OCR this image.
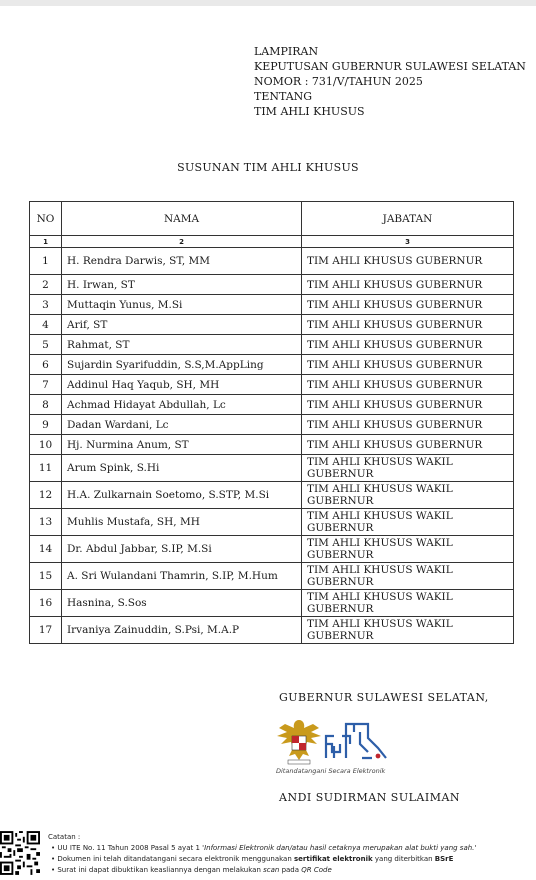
LAMPIRAN
KEPUTUSAN GUBERNUR SULAWESI SELATAN
NOMOR : 731/V/TAHUN 2025
TENTANG
TIM AHLI KHUSUS
SUSUNAN TIM AHLI KHUSUS
NO	NAMA	JABATAN
1	2	3
1	H. Rendra Darwis, ST, MM	TIM AHLI KHUSUS GUBERNUR
2	H. Irwan, ST	TIM AHLI KHUSUS GUBERNUR
3	Muttaqin Yunus, M.Si	TIM AHLI KHUSUS GUBERNUR
4	Arif, ST	TIM AHLI KHUSUS GUBERNUR
5	Rahmat, ST	TIM AHLI KHUSUS GUBERNUR
6	Sujardin Syarifuddin, S.S,M.AppLing	TIM AHLI KHUSUS GUBERNUR
7	Addinul Haq Yaqub, SH, MH	TIM AHLI KHUSUS GUBERNUR
8	Achmad Hidayat Abdullah, Lc	TIM AHLI KHUSUS GUBERNUR
9	Dadan Wardani, Lc	TIM AHLI KHUSUS GUBERNUR
10	Hj. Nurmina Anum, ST	TIM AHLI KHUSUS GUBERNUR
11	Arum Spink, S.Hi	TIM AHLI KHUSUS WAKIL GUBERNUR
12	H.A. Zulkarnain Soetomo, S.STP, M.Si	TIM AHLI KHUSUS WAKIL GUBERNUR
13	Muhlis Mustafa, SH, MH	TIM AHLI KHUSUS WAKIL GUBERNUR
14	Dr. Abdul Jabbar, S.IP, M.Si	TIM AHLI KHUSUS WAKIL GUBERNUR
15	A. Sri Wulandani Thamrin, S.IP, M.Hum	TIM AHLI KHUSUS WAKIL GUBERNUR
16	Hasnina, S.Sos	TIM AHLI KHUSUS WAKIL GUBERNUR
17	Irvaniya Zainuddin, S.Psi, M.A.P	TIM AHLI KHUSUS WAKIL GUBERNUR
GUBERNUR SULAWESI SELATAN,
Ditandatangani Secara Elektronik
ANDI SUDIRMAN SULAIMAN
Catatan :
• UU ITE No. 11 Tahun 2008 Pasal 5 ayat 1 'Informasi Elektronik dan/atau hasil cetaknya merupakan alat bukti yang sah.'
• Dokumen ini telah ditandatangani secara elektronik menggunakan sertifikat elektronik yang diterbitkan BSrE
• Surat ini dapat dibuktikan keasliannya dengan melakukan scan pada QR Code
